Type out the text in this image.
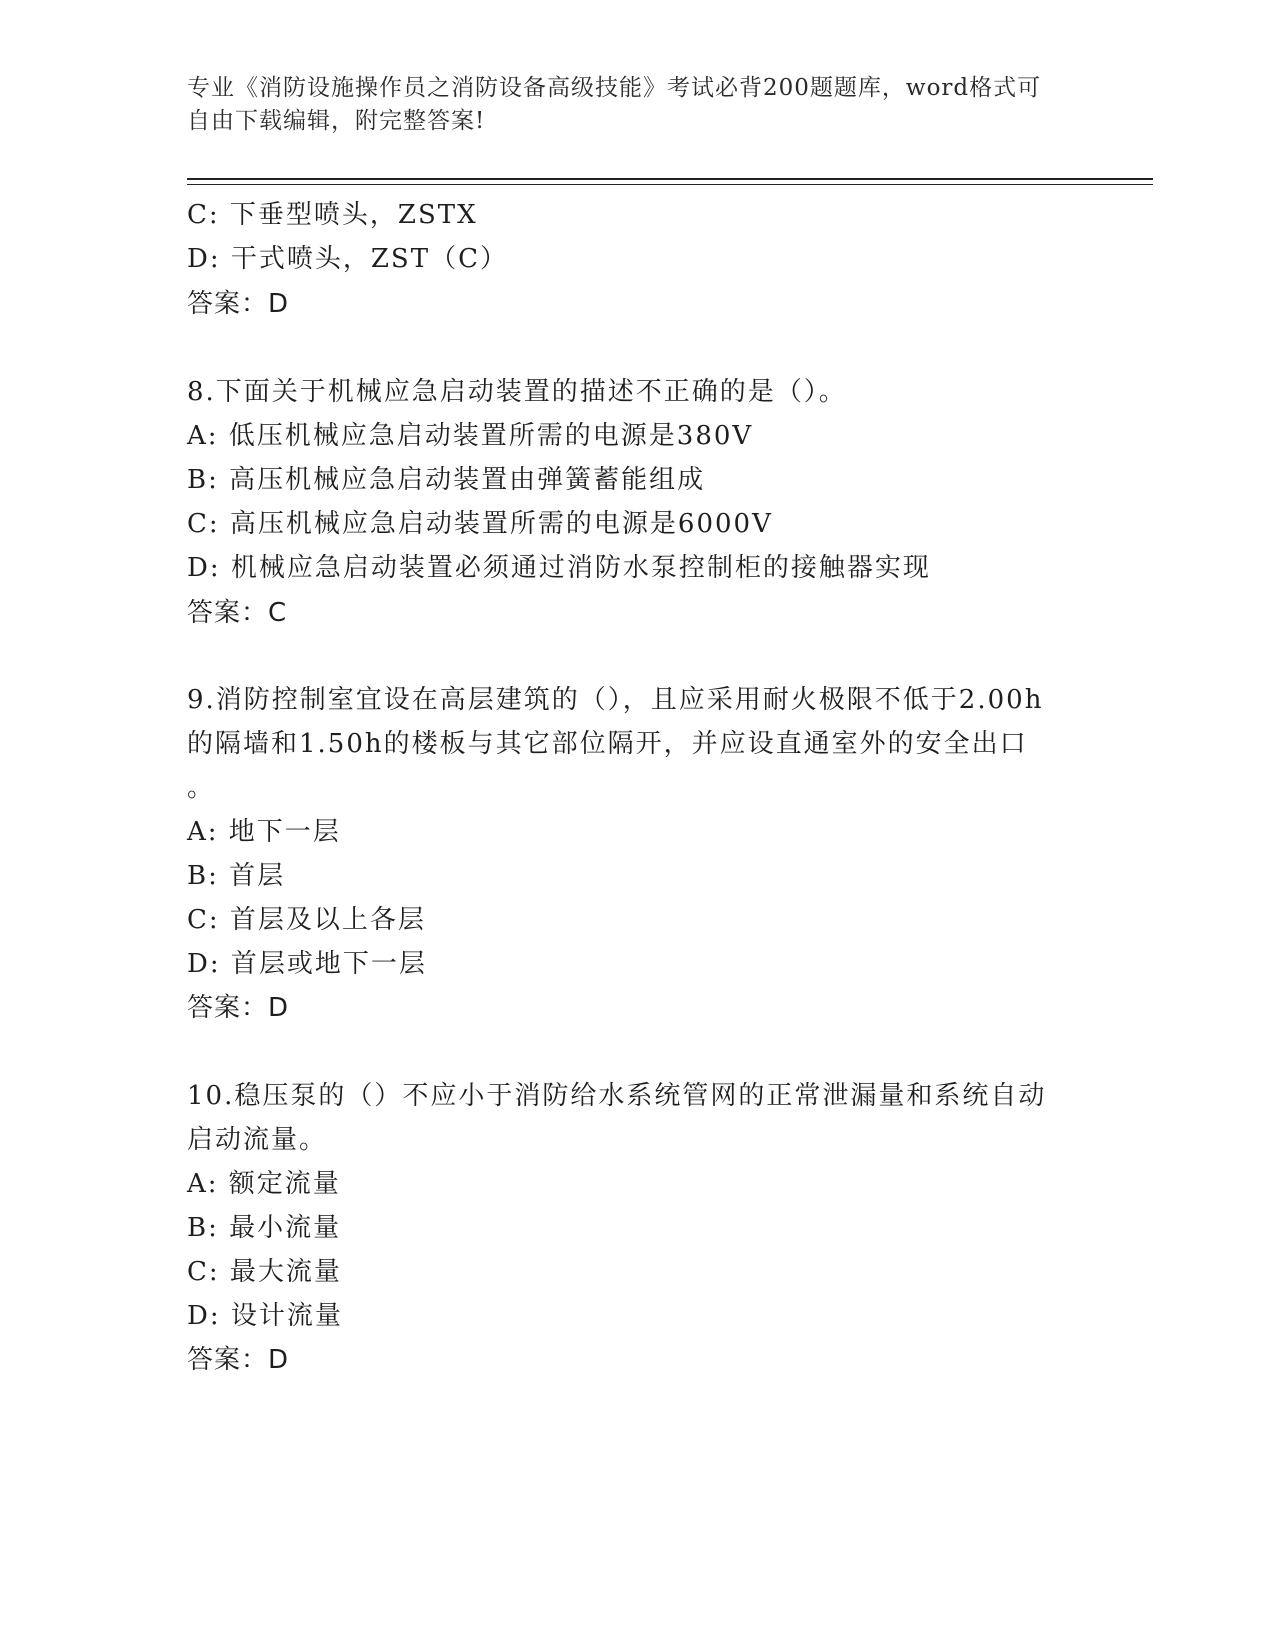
专业《消防设施操作员之消防设备高级技能》考试必背200题题库，word格式可
自由下载编辑，附完整答案!
C: 下垂型喷头，ZSTX
D: 干式喷头，ZST（C）
答案：D
8.下面关于机械应急启动装置的描述不正确的是（）。
A: 低压机械应急启动装置所需的电源是380V
B: 高压机械应急启动装置由弹簧蓄能组成
C: 高压机械应急启动装置所需的电源是6000V
D: 机械应急启动装置必须通过消防水泵控制柜的接触器实现
答案：C
9.消防控制室宜设在高层建筑的（），且应采用耐火极限不低于2.00h
的隔墙和1.50h的楼板与其它部位隔开，并应设直通室外的安全出口
。
A: 地下一层
B: 首层
C: 首层及以上各层
D: 首层或地下一层
答案：D
10.稳压泵的（）不应小于消防给水系统管网的正常泄漏量和系统自动
启动流量。
A: 额定流量
B: 最小流量
C: 最大流量
D: 设计流量
答案：D
